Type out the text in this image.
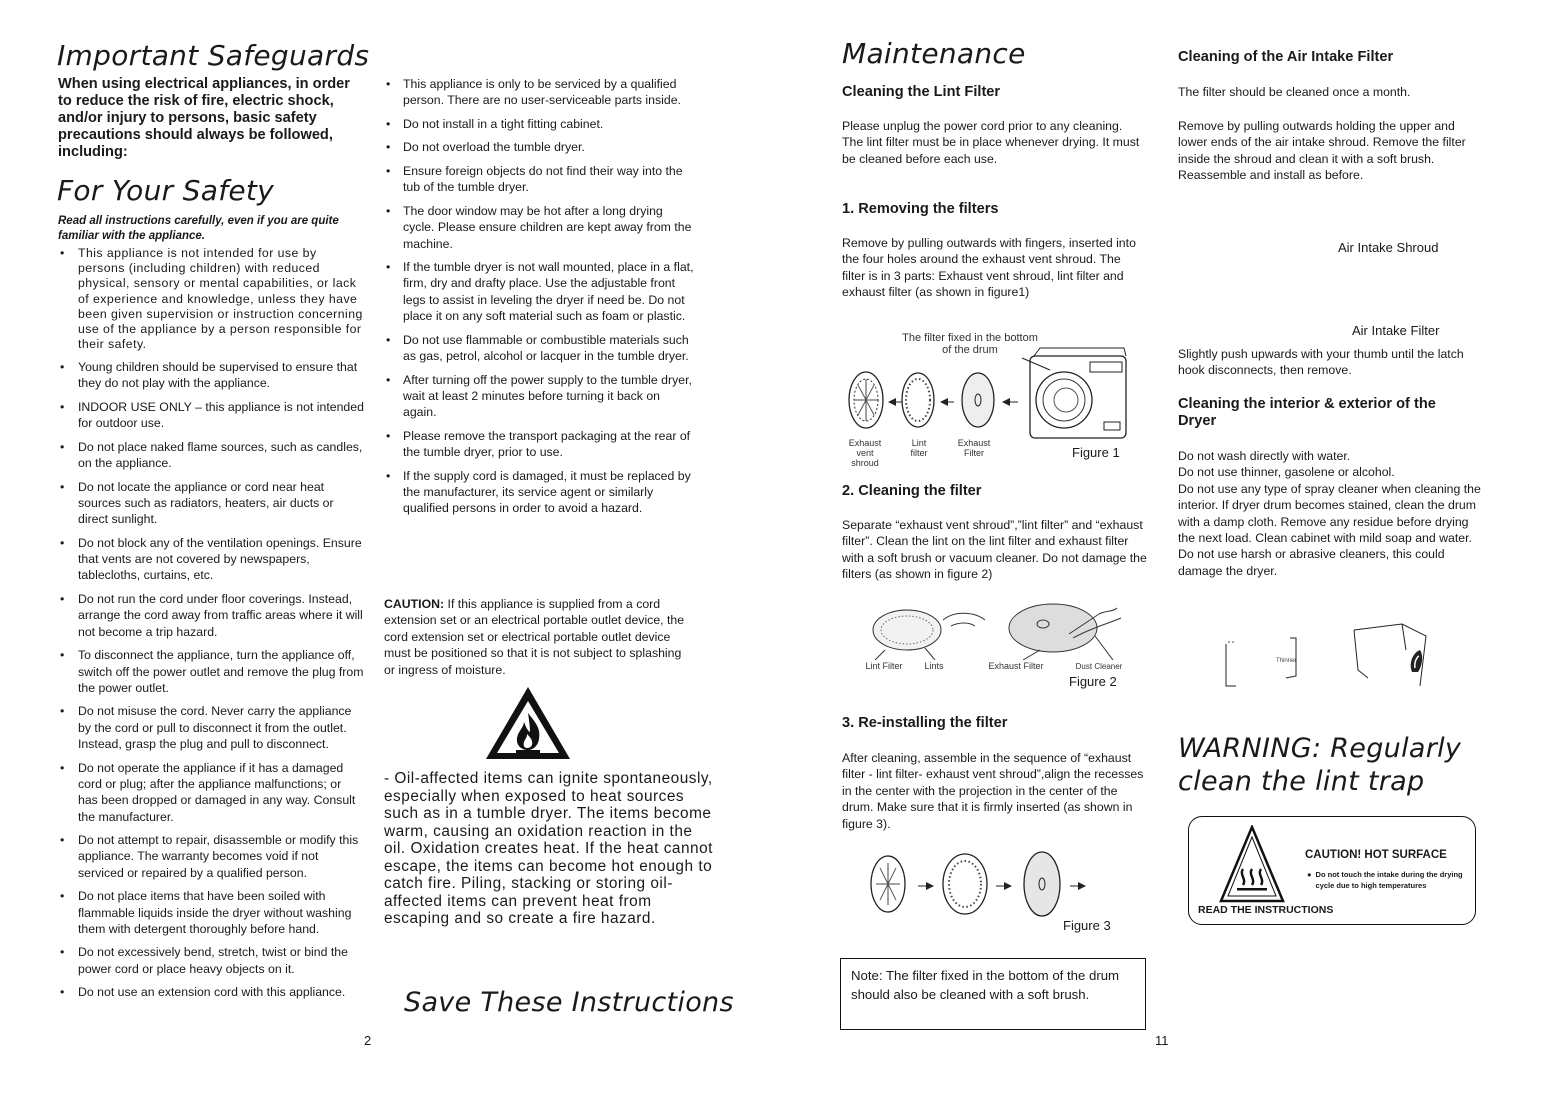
Important Safeguards
When using electrical appliances, in order to reduce the risk of fire, electric shock, and/or injury to persons, basic safety precautions should always be followed, including:
For Your Safety
Read all instructions carefully, even if you are quite familiar with the appliance.
• This appliance is not intended for use by persons (including children) with reduced physical, sensory or mental capabilities, or lack of experience and knowledge, unless they have been given supervision or instruction concerning use of the appliance by a person responsible for their safety.
• Young children should be supervised to ensure that they do not play with the appliance.
• INDOOR USE ONLY – this appliance is not intended for outdoor use.
• Do not place naked flame sources, such as candles, on the appliance.
• Do not locate the appliance or cord near heat sources such as radiators, heaters, air ducts or direct sunlight.
• Do not block any of the ventilation openings. Ensure that vents are not covered by newspapers, tablecloths, curtains, etc.
• Do not run the cord under floor coverings. Instead, arrange the cord away from traffic areas where it will not become a trip hazard.
• To disconnect the appliance, turn the appliance off, switch off the power outlet and remove the plug from the power outlet.
• Do not misuse the cord. Never carry the appliance by the cord or pull to disconnect it from the outlet. Instead, grasp the plug and pull to disconnect.
• Do not operate the appliance if it has a damaged cord or plug; after the appliance malfunctions; or has been dropped or damaged in any way. Consult the manufacturer.
• Do not attempt to repair, disassemble or modify this appliance. The warranty becomes void if not serviced or repaired by a qualified person.
• Do not place items that have been soiled with flammable liquids inside the dryer without washing them with detergent thoroughly before hand.
• Do not excessively bend, stretch, twist or bind the power cord or place heavy objects on it.
• Do not use an extension cord with this appliance.
• This appliance is only to be serviced by a qualified person. There are no user-serviceable parts inside.
• Do not install in a tight fitting cabinet.
• Do not overload the tumble dryer.
• Ensure foreign objects do not find their way into the tub of the tumble dryer.
• The door window may be hot after a long drying cycle. Please ensure children are kept away from the machine.
• If the tumble dryer is not wall mounted, place in a flat, firm, dry and drafty place. Use the adjustable front legs to assist in leveling the dryer if need be. Do not place it on any soft material such as foam or plastic.
• Do not use flammable or combustible materials such as gas, petrol, alcohol or lacquer in the tumble dryer.
• After turning off the power supply to the tumble dryer, wait at least 2 minutes before turning it back on again.
• Please remove the transport packaging at the rear of the tumble dryer, prior to use.
• If the supply cord is damaged, it must be replaced by the manufacturer, its service agent or similarly qualified persons in order to avoid a hazard.
CAUTION: If this appliance is supplied from a cord extension set or an electrical portable outlet device, the cord extension set or electrical portable outlet device must be positioned so that it is not subject to splashing or ingress of moisture.
- Oil-affected items can ignite spontaneously, especially when exposed to heat sources such as in a tumble dryer. The items become warm, causing an oxidation reaction in the oil. Oxidation creates heat. If the heat cannot escape, the items can become hot enough to catch fire. Piling, stacking or storing oil-affected items can prevent heat from escaping and so create a fire hazard.
Save These Instructions
2
Maintenance
Cleaning the Lint Filter

Please unplug the power cord prior to any cleaning. The lint filter must be in place whenever drying. It must be cleaned before each use.

1. Removing the filters

Remove by pulling outwards with fingers, inserted into the four holes around the exhaust vent shroud. The filter is in 3 parts: Exhaust vent shroud, lint filter and exhaust filter (as shown in figure1)

The filter fixed in the bottom of the drum
Exhaust vent shroud
Lint filter
Exhaust Filter	Figure 1
2. Cleaning the filter

Separate “exhaust vent shroud”,”lint filter” and “exhaust filter”. Clean the lint on the lint filter and exhaust filter with a soft brush or vacuum cleaner. Do not damage the filters (as shown in figure 2)

Lint Filter	Lints	Exhaust Filter	Dust Cleaner
Figure 2
3. Re-installing the filter

After cleaning, assemble in the sequence of “exhaust filter - lint filter- exhaust vent shroud”,align the recesses in the center with the projection in the center of the drum. Make sure that it is firmly inserted (as shown in figure 3).

Figure 3
Note: The filter fixed in the bottom of the drum should also be cleaned with a soft brush.
11
Cleaning of the Air Intake Filter

The filter should be cleaned once a month.

Remove by pulling outwards holding the upper and lower ends of the air intake shroud. Remove the filter inside the shroud and clean it with a soft brush. Reassemble and install as before.

Air Intake Shroud
Air Intake Filter

Slightly push upwards with your thumb until the latch hook disconnects, then remove.

Cleaning the interior & exterior of the Dryer

Do not wash directly with water.
Do not use thinner, gasolene or alcohol.
Do not use any type of spray cleaner when cleaning the interior. If dryer drum becomes stained, clean the drum with a damp cloth. Remove any residue before drying the next load. Clean cabinet with mild soap and water. Do not use harsh or abrasive cleaners, this could damage the dryer.

Thinner
WARNING: Regularly clean the lint trap
CAUTION! HOT SURFACE
● Do not touch the intake during the drying cycle due to high temperatures
READ THE INSTRUCTIONS
